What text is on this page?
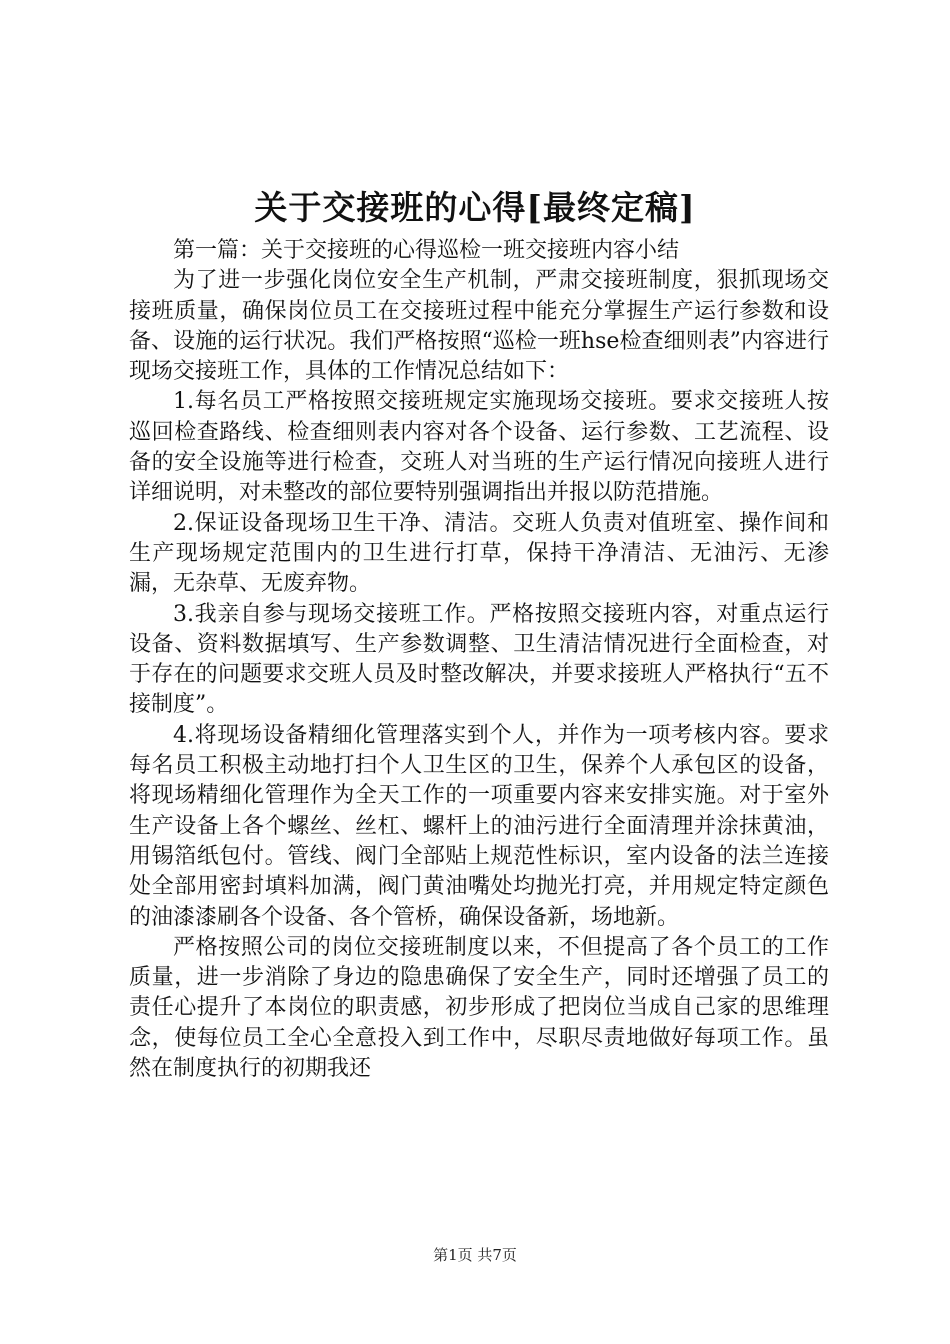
关于交接班的心得[最终定稿]

第一篇：关于交接班的心得巡检一班交接班内容小结

为了进一步强化岗位安全生产机制，严肃交接班制度，狠抓现场交接班质量，确保岗位员工在交接班过程中能充分掌握生产运行参数和设备、设施的运行状况。我们严格按照“巡检一班hse检查细则表”内容进行现场交接班工作，具体的工作情况总结如下：

1.每名员工严格按照交接班规定实施现场交接班。要求交接班人按巡回检查路线、检查细则表内容对各个设备、运行参数、工艺流程、设备的安全设施等进行检查，交班人对当班的生产运行情况向接班人进行详细说明，对未整改的部位要特别强调指出并报以防范措施。

2.保证设备现场卫生干净、清洁。交班人负责对值班室、操作间和生产现场规定范围内的卫生进行打草，保持干净清洁、无油污、无渗漏，无杂草、无废弃物。

3.我亲自参与现场交接班工作。严格按照交接班内容，对重点运行设备、资料数据填写、生产参数调整、卫生清洁情况进行全面检查，对于存在的问题要求交班人员及时整改解决，并要求接班人严格执行“五不接制度”。

4.将现场设备精细化管理落实到个人，并作为一项考核内容。要求每名员工积极主动地打扫个人卫生区的卫生，保养个人承包区的设备，将现场精细化管理作为全天工作的一项重要内容来安排实施。对于室外生产设备上各个螺丝、丝杠、螺杆上的油污进行全面清理并涂抹黄油，用锡箔纸包付。管线、阀门全部贴上规范性标识，室内设备的法兰连接处全部用密封填料加满，阀门黄油嘴处均抛光打亮，并用规定特定颜色的油漆漆刷各个设备、各个管桥，确保设备新，场地新。

严格按照公司的岗位交接班制度以来，不但提高了各个员工的工作质量，进一步消除了身边的隐患确保了安全生产，同时还增强了员工的责任心提升了本岗位的职责感，初步形成了把岗位当成自己家的思维理念，使每位员工全心全意投入到工作中，尽职尽责地做好每项工作。虽然在制度执行的初期我还

第1页 共7页
